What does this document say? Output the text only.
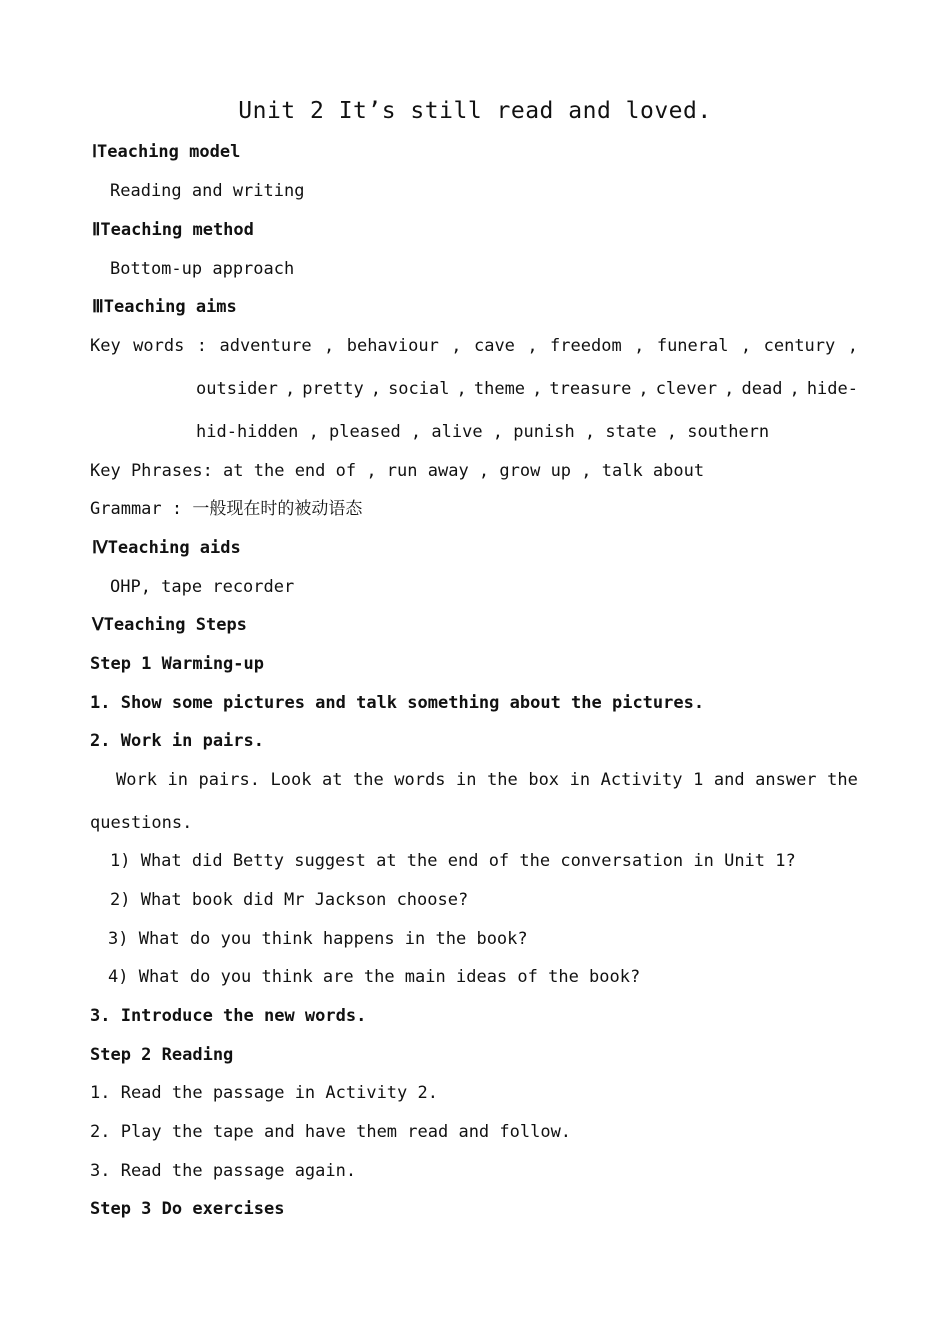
Unit 2 It’s still read and loved.
ⅠTeaching model
Reading and writing
ⅡTeaching method
Bottom-up approach
ⅢTeaching aims
Key words : adventure , behaviour , cave , freedom , funeral , century ,
outsider , pretty , social , theme , treasure , clever , dead , hide-
hid-hidden , pleased , alive , punish , state , southern
Key Phrases: at the end of , run away , grow up , talk about
Grammar : 一般现在时的被动语态
ⅣTeaching aids
OHP, tape recorder
ⅤTeaching Steps
Step 1 Warming-up
1. Show some pictures and talk something about the pictures.
2. Work in pairs.
Work in pairs. Look at the words in the box in Activity 1 and answer the
questions.
1) What did Betty suggest at the end of the conversation in Unit 1?
2) What book did Mr Jackson choose?
3) What do you think happens in the book?
4) What do you think are the main ideas of the book?
3. Introduce the new words.
Step 2 Reading
1. Read the passage in Activity 2.
2. Play the tape and have them read and follow.
3. Read the passage again.
Step 3 Do exercises
